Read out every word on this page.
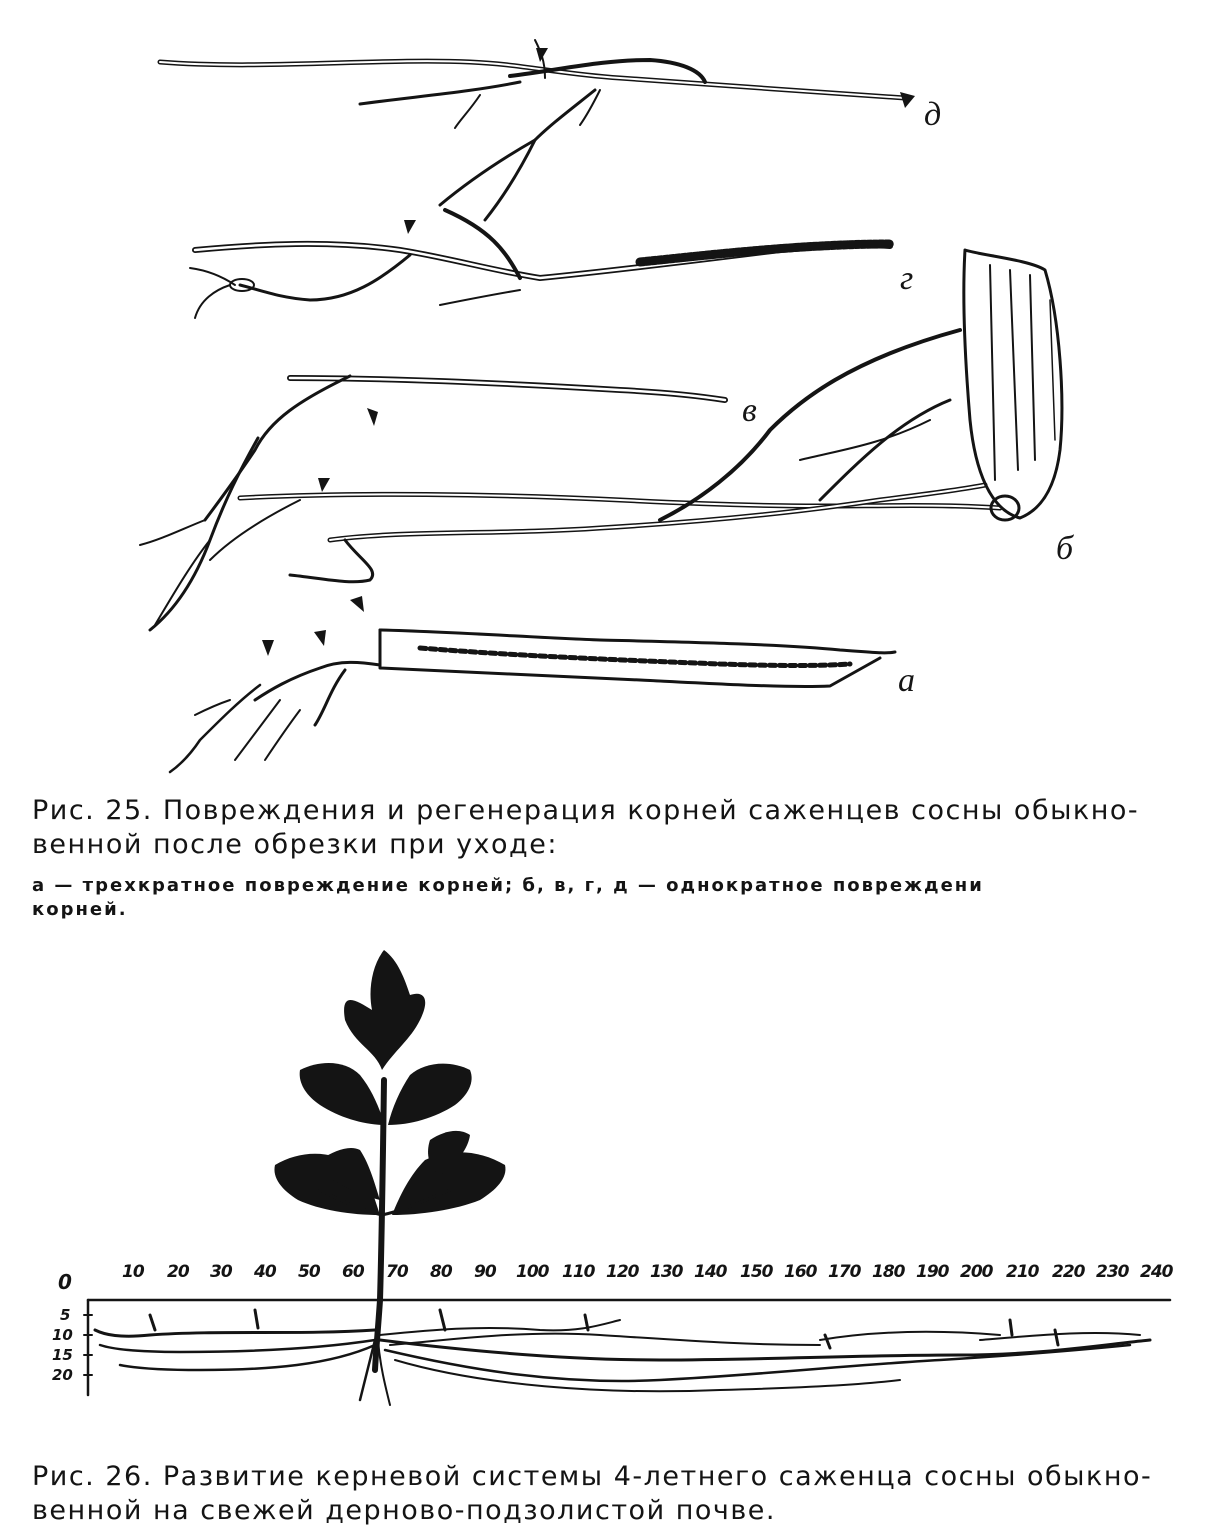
д
г
в
б
а
Рис. 25. Повреждения и регенерация корней саженцев сосны обыкно-
венной после обрезки при уходе:
а — трехкратное повреждение корней; б, в, г, д — однократное повреждени
корней.
0	10 20 30 40 50 60 70 80 90 100 110 120 130 140 150 160 170 180 190 200 210 220 230 240
5
10
15
20
Рис. 26. Развитие кeрневой системы 4-летнего саженца сосны обыкно-
венной на свежей дерново-подзолистой почве.
